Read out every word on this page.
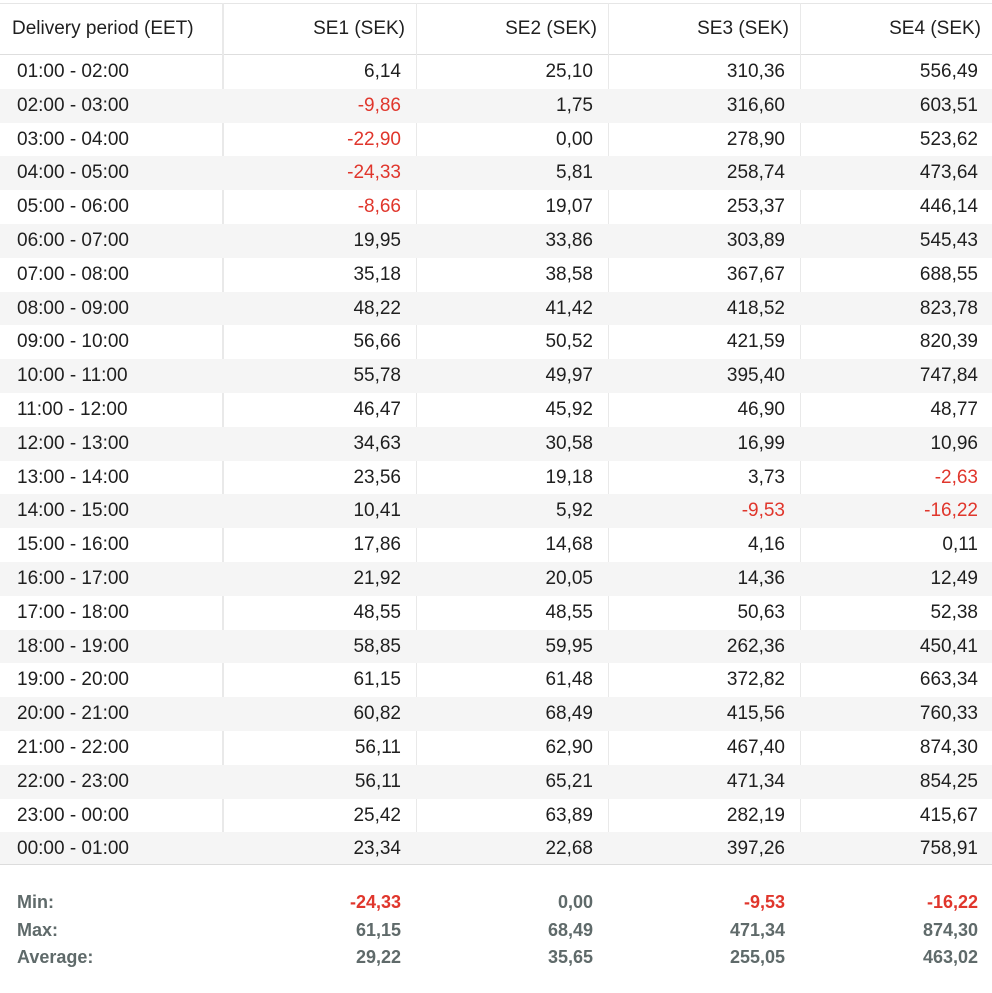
Delivery period (EET)	SE1 (SEK)	SE2 (SEK)	SE3 (SEK)	SE4 (SEK)
01:00 - 02:00	6,14	25,10	310,36	556,49
02:00 - 03:00	-9,86	1,75	316,60	603,51
03:00 - 04:00	-22,90	0,00	278,90	523,62
04:00 - 05:00	-24,33	5,81	258,74	473,64
05:00 - 06:00	-8,66	19,07	253,37	446,14
06:00 - 07:00	19,95	33,86	303,89	545,43
07:00 - 08:00	35,18	38,58	367,67	688,55
08:00 - 09:00	48,22	41,42	418,52	823,78
09:00 - 10:00	56,66	50,52	421,59	820,39
10:00 - 11:00	55,78	49,97	395,40	747,84
11:00 - 12:00	46,47	45,92	46,90	48,77
12:00 - 13:00	34,63	30,58	16,99	10,96
13:00 - 14:00	23,56	19,18	3,73	-2,63
14:00 - 15:00	10,41	5,92	-9,53	-16,22
15:00 - 16:00	17,86	14,68	4,16	0,11
16:00 - 17:00	21,92	20,05	14,36	12,49
17:00 - 18:00	48,55	48,55	50,63	52,38
18:00 - 19:00	58,85	59,95	262,36	450,41
19:00 - 20:00	61,15	61,48	372,82	663,34
20:00 - 21:00	60,82	68,49	415,56	760,33
21:00 - 22:00	56,11	62,90	467,40	874,30
22:00 - 23:00	56,11	65,21	471,34	854,25
23:00 - 00:00	25,42	63,89	282,19	415,67
00:00 - 01:00	23,34	22,68	397,26	758,91
Min:	-24,33	0,00	-9,53	-16,22
Max:	61,15	68,49	471,34	874,30
Average:	29,22	35,65	255,05	463,02
